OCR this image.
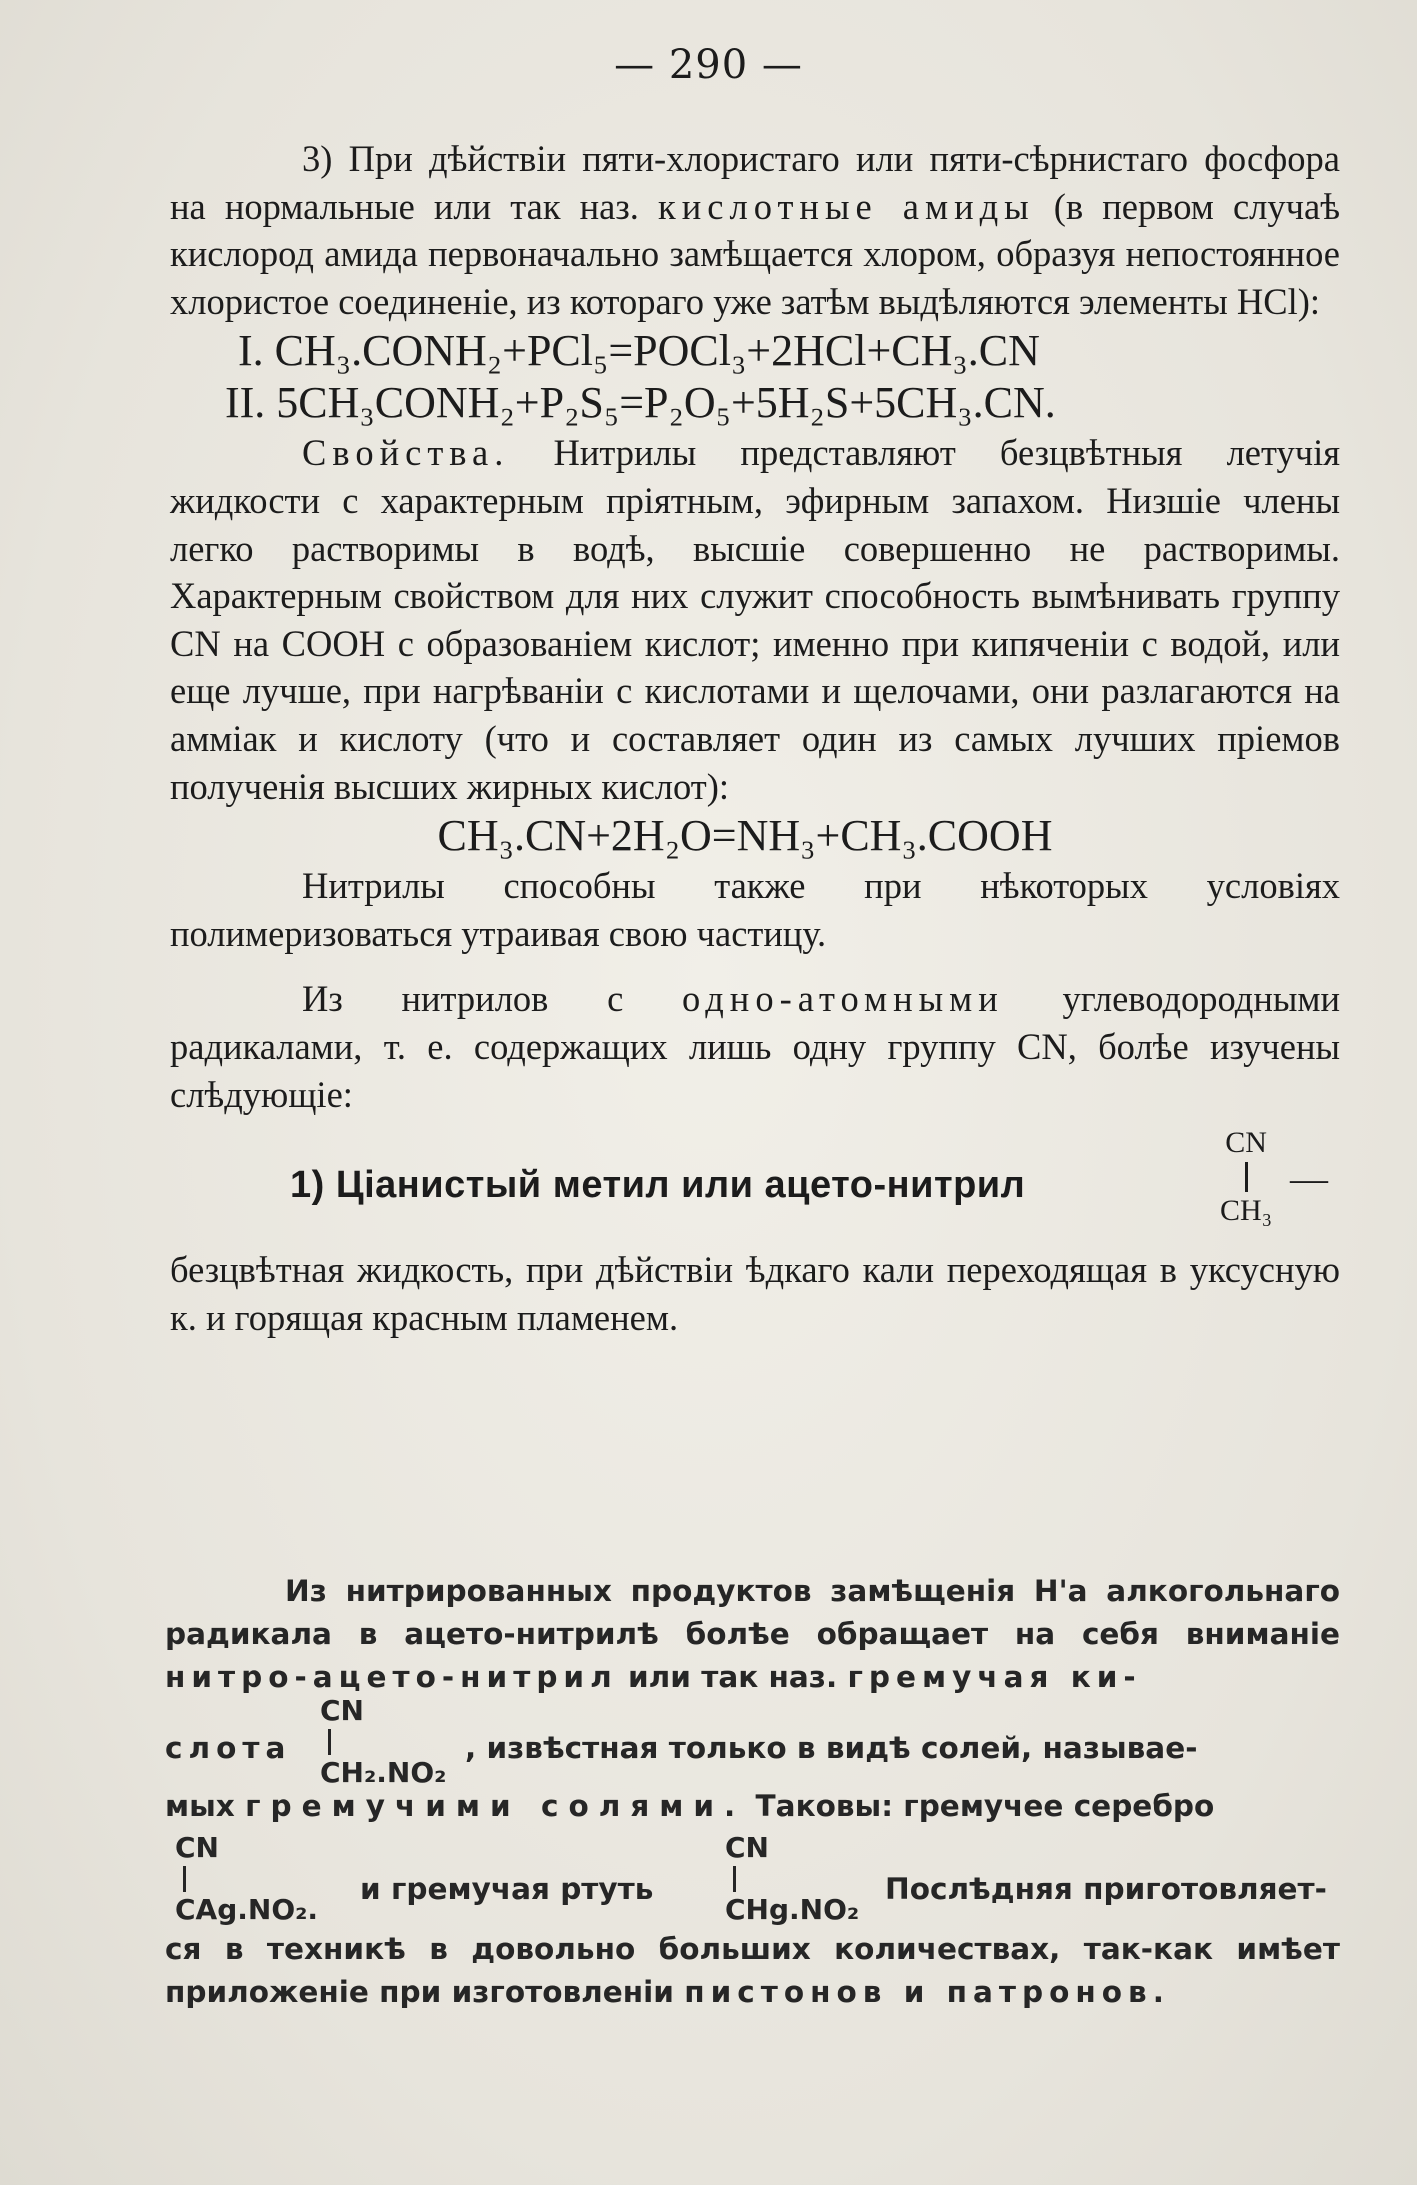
— 290 —

3) При дѣйствіи пяти-хлористаго или пяти-сѣрнистаго фосфора на нормальные или так наз. кислотные амиды (в первом случаѣ кислород амида первоначально замѣщается хлором, образуя непостоянное хлористое соединеніе, из котораго уже затѣм выдѣляются элементы HCl):

I. CH₃.CONH₂+PCl₅=POCl₃+2HCl+CH₃.CN
II. 5CH₃CONH₂+P₂S₅=P₂O₅+5H₂S+5CH₃.CN.

Свойства. Нитрилы представляют безцвѣтныя летучія жидкости с характерным пріятным, эфирным запахом. Низшіе члены легко растворимы в водѣ, высшіе совершенно не растворимы. Характерным свойством для них служит способность вымѣнивать группу CN на COOH с образованіем кислот; именно при кипяченіи с водой, или еще лучше, при нагрѣваніи с кислотами и щелочами, они разлагаются на амміак и кислоту (что и составляет один из самых лучших пріемов полученія высших жирных кислот):

CH₃.CN+2H₂O=NH₃+CH₃.COOH

Нитрилы способны также при нѣкоторых условіях полимеризоваться утраивая свою частицу.

Из нитрилов с одно-атомными углеводородными радикалами, т. е. содержащих лишь одну группу CN, болѣе изучены слѣдующіе:

1) Ціанистый метил или ацето-нитрил
CN
CH₃
—

безцвѣтная жидкость, при дѣйствіи ѣдкаго кали переходящая в уксусную к. и горящая красным пламенем.

Из нитрированных продуктов замѣщенія H'а алкогольнаго радикала в ацето-нитрилѣ болѣе обращает на себя вниманіе нитро-ацето-нитрил или так наз. гремучая ки-

слота
CN
CH₂.NO₂
, извѣстная только в видѣ солей, называе-
мых гремучими солями. Таковы: гремучее серебро
CN
CAg.NO₂.
и гремучая ртуть
CN
CHg.NO₂
Послѣдняя приготовляет-

ся в техникѣ в довольно больших количествах, так-как имѣет приложеніе при изготовленіи пистонов и патронов.
